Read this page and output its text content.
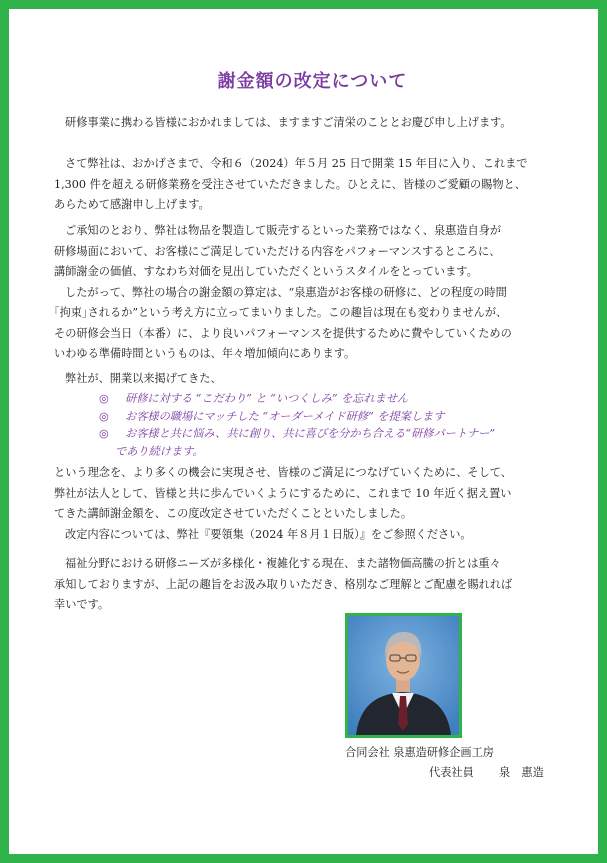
謝金額の改定について
研修事業に携わる皆様におかれましては、ますますご清栄のこととお慶び申し上げます。
さて弊社は、おかげさまで、令和６（2024）年５月 25 日で開業 15 年目に入り、これまで
1,300 件を超える研修業務を受注させていただきました。ひとえに、皆様のご愛顧の賜物と、
あらためて感謝申し上げます。
ご承知のとおり、弊社は物品を製造して販売するといった業務ではなく、泉惠造自身が
研修場面において、お客様にご満足していただける内容をパフォーマンスするところに、
講師謝金の価値、すなわち対価を見出していただくというスタイルをとっています。
したがって、弊社の場合の謝金額の算定は、“泉惠造がお客様の研修に、どの程度の時間
｢拘束｣されるか”という考え方に立ってまいりました。この趣旨は現在も変わりませんが、
その研修会当日（本番）に、より良いパフォーマンスを提供するために費やしていくための
いわゆる準備時間というものは、年々増加傾向にあります。
弊社が、開業以来掲げてきた、
◎ 研修に対する “こだわり” と “いつくしみ” を忘れません
◎ お客様の職場にマッチした “オーダーメイド研修” を提案します
◎ お客様と共に悩み、共に創り、共に喜びを分かち合える“研修パートナー”
であり続けます。
という理念を、より多くの機会に実現させ、皆様のご満足につなげていくために、そして、
弊社が法人として、皆様と共に歩んでいくようにするために、これまで 10 年近く据え置い
てきた講師謝金額を、この度改定させていただくことといたしました。
改定内容については、弊社『要領集（2024 年８月１日版）』をご参照ください。
福祉分野における研修ニーズが多様化・複雑化する現在、また諸物価高騰の折とは重々
承知しておりますが、上記の趣旨をお汲み取りいただき、格別なご理解とご配慮を賜れれば
幸いです。
合同会社 泉惠造研修企画工房
代表社員 泉　惠造
